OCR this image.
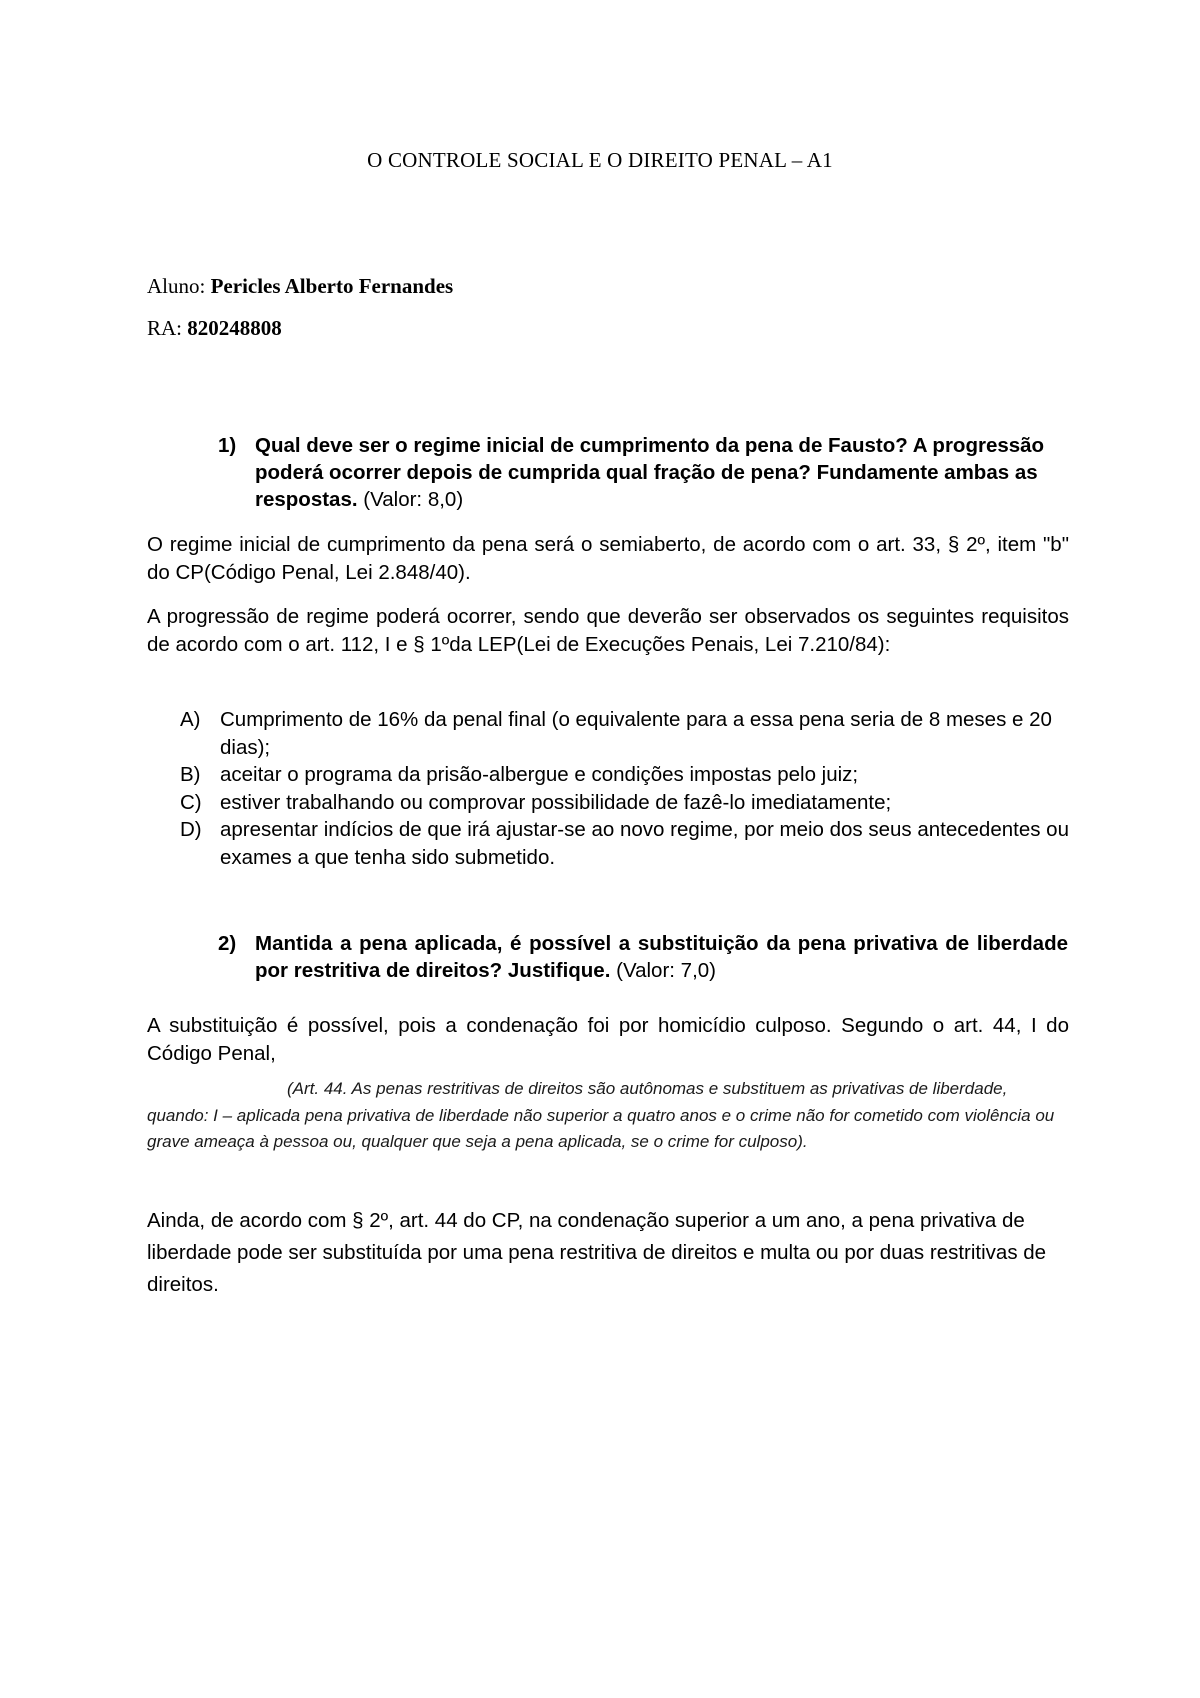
O CONTROLE SOCIAL E O DIREITO PENAL – A1
Aluno: Pericles Alberto Fernandes
RA: 820248808
1) Qual deve ser o regime inicial de cumprimento da pena de Fausto? A progressão poderá ocorrer depois de cumprida qual fração de pena? Fundamente ambas as respostas. (Valor: 8,0)
O regime inicial de cumprimento da pena será o semiaberto, de acordo com o art. 33, § 2º, item "b" do CP(Código Penal, Lei 2.848/40).
A progressão de regime poderá ocorrer, sendo que deverão ser observados os seguintes requisitos de acordo com o art. 112, I e § 1ºda LEP(Lei de Execuções Penais, Lei 7.210/84):
A) Cumprimento de 16% da penal final (o equivalente para a essa pena seria de 8 meses e 20 dias);
B) aceitar o programa da prisão-albergue e condições impostas pelo juiz;
C) estiver trabalhando ou comprovar possibilidade de fazê-lo imediatamente;
D) apresentar indícios de que irá ajustar-se ao novo regime, por meio dos seus antecedentes ou exames a que tenha sido submetido.
2) Mantida a pena aplicada, é possível a substituição da pena privativa de liberdade por restritiva de direitos? Justifique. (Valor: 7,0)
A substituição é possível, pois a condenação foi por homicídio culposo. Segundo o art. 44, I do Código Penal,
(Art. 44. As penas restritivas de direitos são autônomas e substituem as privativas de liberdade, quando: I – aplicada pena privativa de liberdade não superior a quatro anos e o crime não for cometido com violência ou grave ameaça à pessoa ou, qualquer que seja a pena aplicada, se o crime for culposo).
Ainda, de acordo com § 2º, art. 44 do CP, na condenação superior a um ano, a pena privativa de liberdade pode ser substituída por uma pena restritiva de direitos e multa ou por duas restritivas de direitos.
